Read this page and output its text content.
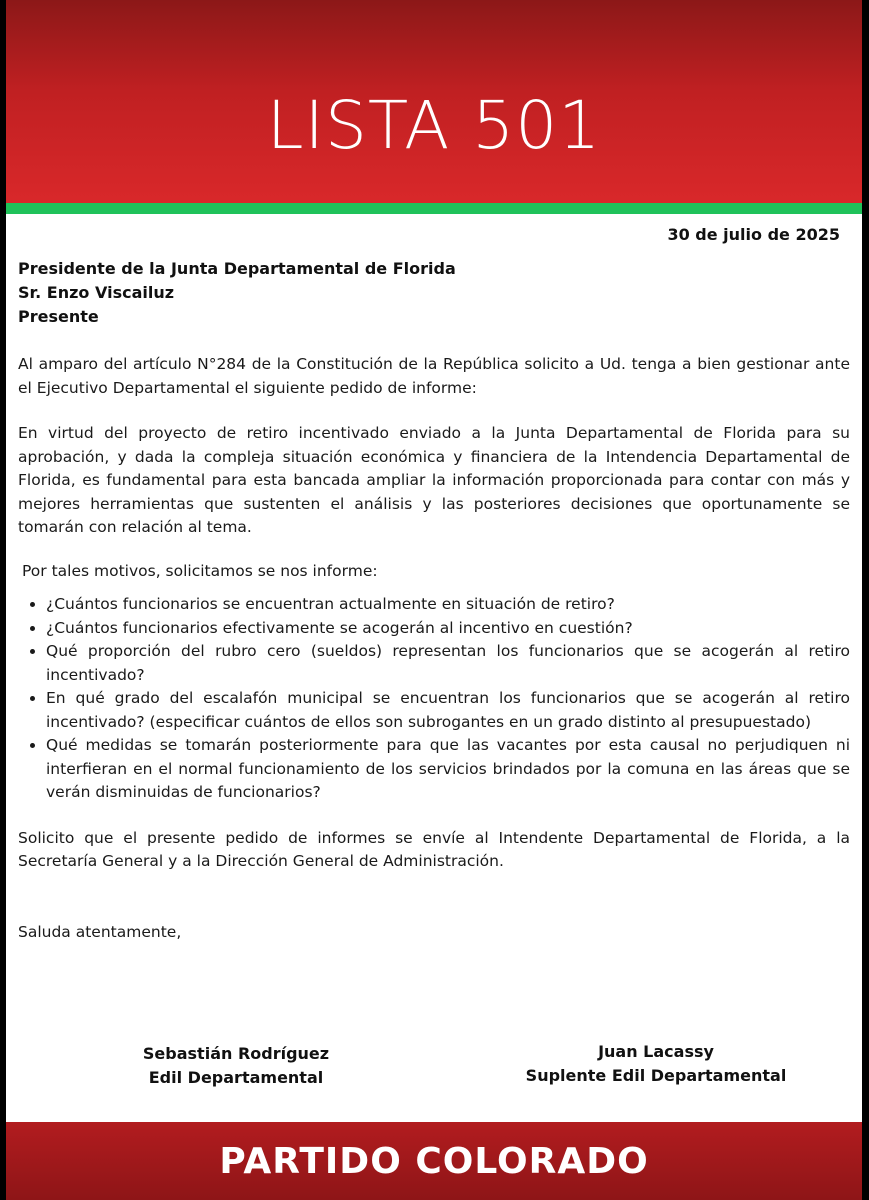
LISTA 501
30 de julio de 2025
Presidente de la Junta Departamental de Florida
Sr. Enzo Viscailuz
Presente

Al amparo del artículo N°284 de la Constitución de la República solicito a Ud. tenga a bien gestionar ante el Ejecutivo Departamental el siguiente pedido de informe:

En virtud del proyecto de retiro incentivado enviado a la Junta Departamental de Florida para su aprobación, y dada la compleja situación económica y financiera de la Intendencia Departamental de Florida, es fundamental para esta bancada ampliar la información proporcionada para contar con más y mejores herramientas que sustenten el análisis y las posteriores decisiones que oportunamente se tomarán con relación al tema.

Por tales motivos, solicitamos se nos informe:

• ¿Cuántos funcionarios se encuentran actualmente en situación de retiro?
• ¿Cuántos funcionarios efectivamente se acogerán al incentivo en cuestión?
• Qué proporción del rubro cero (sueldos) representan los funcionarios que se acogerán al retiro incentivado?
• En qué grado del escalafón municipal se encuentran los funcionarios que se acogerán al retiro incentivado? (especificar cuántos de ellos son subrogantes en un grado distinto al presupuestado)
• Qué medidas se tomarán posteriormente para que las vacantes por esta causal no perjudiquen ni interfieran en el normal funcionamiento de los servicios brindados por la comuna en las áreas que se verán disminuidas de funcionarios?

Solicito que el presente pedido de informes se envíe al Intendente Departamental de Florida, a la Secretaría General y a la Dirección General de Administración.

Saluda atentamente,

Sebastián Rodríguez
Edil Departamental
Juan Lacassy
Suplente Edil Departamental
PARTIDO COLORADO
